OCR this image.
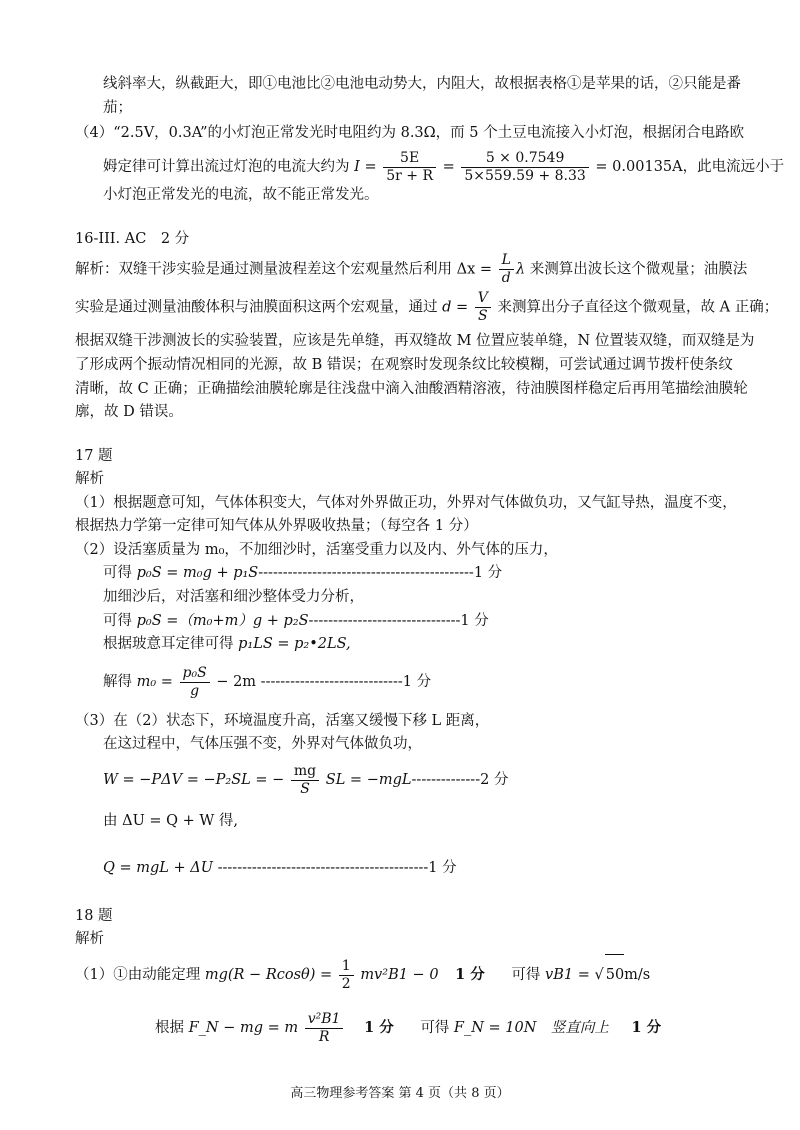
线斜率大，纵截距大，即①电池比②电池电动势大，内阻大，故根据表格①是苹果的话，②只能是番
茄；
（4）“2.5V，0.3A”的小灯泡正常发光时电阻约为 8.3Ω，而 5 个土豆电流接入小灯泡，根据闭合电路欧
姆定律可计算出流过灯泡的电流大约为 $I = \frac{5E}{5r + R} = \frac{5 \times 0.7549}{5\times 559.59 + 8.33} = 0.00135A$，此电流远小于
小灯泡正常发光的电流，故不能正常发光。
16-III. AC　2 分
解析：双缝干涉实验是通过测量波程差这个宏观量然后利用 $\Delta x = \frac{L}{d}$ λ 来测算出波长这个微观量；油膜法
实验是通过测量油酸体积与油膜面积这两个宏观量，通过 $d = \frac{V}{S}$ 来测算出分子直径这个微观量，故 A 正确；
根据双缝干涉测波长的实验装置，应该是先单缝，再双缝故 M 位置应装单缝，N 位置装双缝，而双缝是为
了形成两个振动情况相同的光源，故 B 错误；在观察时发现条纹比较模糊，可尝试通过调节拨杆使条纹
清晰，故 C 正确；正确描绘油膜轮廓是往浅盘中滴入油酸酒精溶液，待油膜图样稳定后再用笔描绘油膜轮
廓，故 D 错误。
17 题
解析
（1）根据题意可知，气体体积变大，气体对外界做正功，外界对气体做负功，又气缸导热，温度不变，
根据热力学第一定律可知气体从外界吸收热量；（每空各 1 分）
（2）设活塞质量为 m₀，不加细沙时，活塞受重力以及内、外气体的压力，
可得 p₀S = m₀g + p₁S--------------------------------------------1 分
加细沙后，对活塞和细沙整体受力分析，
可得 p₀S =（m₀+m）g + p₂S-------------------------------1 分
根据玻意耳定律可得 p₁LS = p₂•2LS,
解得 $m_0 = \frac{\text{p₀S}}{g} - 2m$ -----------------------------1 分
（3）在（2）状态下，环境温度升高，活塞又缓慢下移 L 距离，
在这过程中，气体压强不变，外界对气体做负功，
W = −PΔV = −P₂SL = − $\frac{mg}{S}$ SL = −mgL--------------2 分
由 ΔU = Q + W 得,
Q = mgL + ΔU -------------------------------------------1 分
18 题
解析
（1）①由动能定理 $mg(R - Rcos\theta) = \frac{1}{2} mv^2B1 - 0$ 1 分 可得 vB1 = √ 50m/s
根据 F_N − mg = m $\frac{\text{v²B1}}{R} 1$ 分 可得 F_N = 10N　竖直向上 1 分
高三物理参考答案 第 4 页（共 8 页）
